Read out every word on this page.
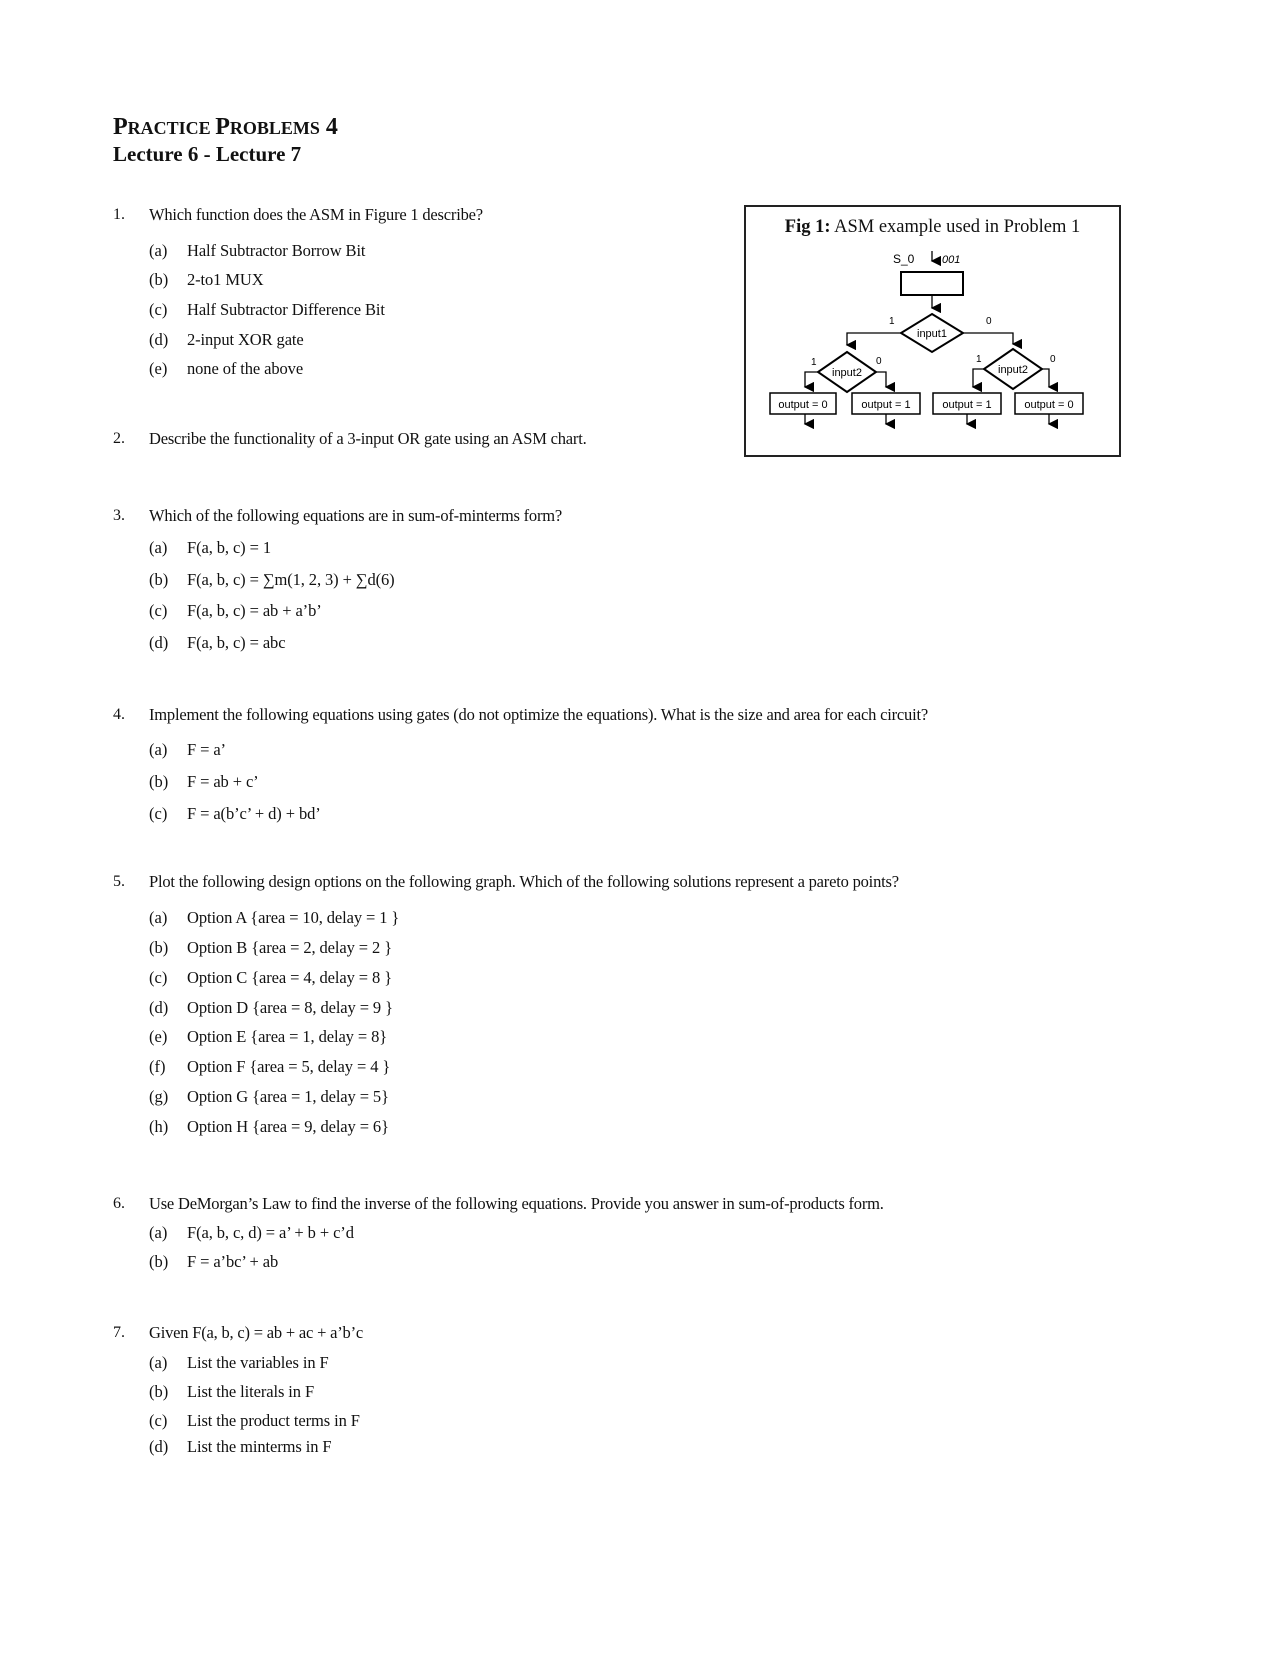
PRACTICE PROBLEMS 4
Lecture 6 - Lecture 7
Fig 1: ASM example used in Problem 1
S_0	001
input1
1	0
input2
1	0
input2
1	0
output = 0	output = 1	output = 1	output = 0
1. Which function does the ASM in Figure 1 describe?
(a) Half Subtractor Borrow Bit
(b) 2-to1 MUX
(c) Half Subtractor Difference Bit
(d) 2-input XOR gate
(e) none of the above
2. Describe the functionality of a 3-input OR gate using an ASM chart.
3. Which of the following equations are in sum-of-minterms form?
(a) F(a, b, c) = 1
(b) F(a, b, c) = ∑m(1, 2, 3) + ∑d(6)
(c) F(a, b, c) = ab + a’b’
(d) F(a, b, c) = abc
4. Implement the following equations using gates (do not optimize the equations). What is the size and area for each circuit?
(a) F = a’
(b) F = ab + c’
(c) F = a(b’c’ + d) + bd’
5. Plot the following design options on the following graph. Which of the following solutions represent a pareto points?
(a) Option A {area = 10, delay = 1 }
(b) Option B {area = 2, delay = 2 }
(c) Option C {area = 4, delay = 8 }
(d) Option D {area = 8, delay = 9 }
(e) Option E {area = 1, delay = 8}
(f) Option F {area = 5, delay = 4 }
(g) Option G {area = 1, delay = 5}
(h) Option H {area = 9, delay = 6}
6. Use DeMorgan’s Law to find the inverse of the following equations. Provide you answer in sum-of-products form.
(a) F(a, b, c, d) = a’ + b + c’d
(b) F = a’bc’ + ab
7. Given F(a, b, c) = ab + ac + a’b’c
(a) List the variables in F
(b) List the literals in F
(c) List the product terms in F
(d) List the minterms in F
